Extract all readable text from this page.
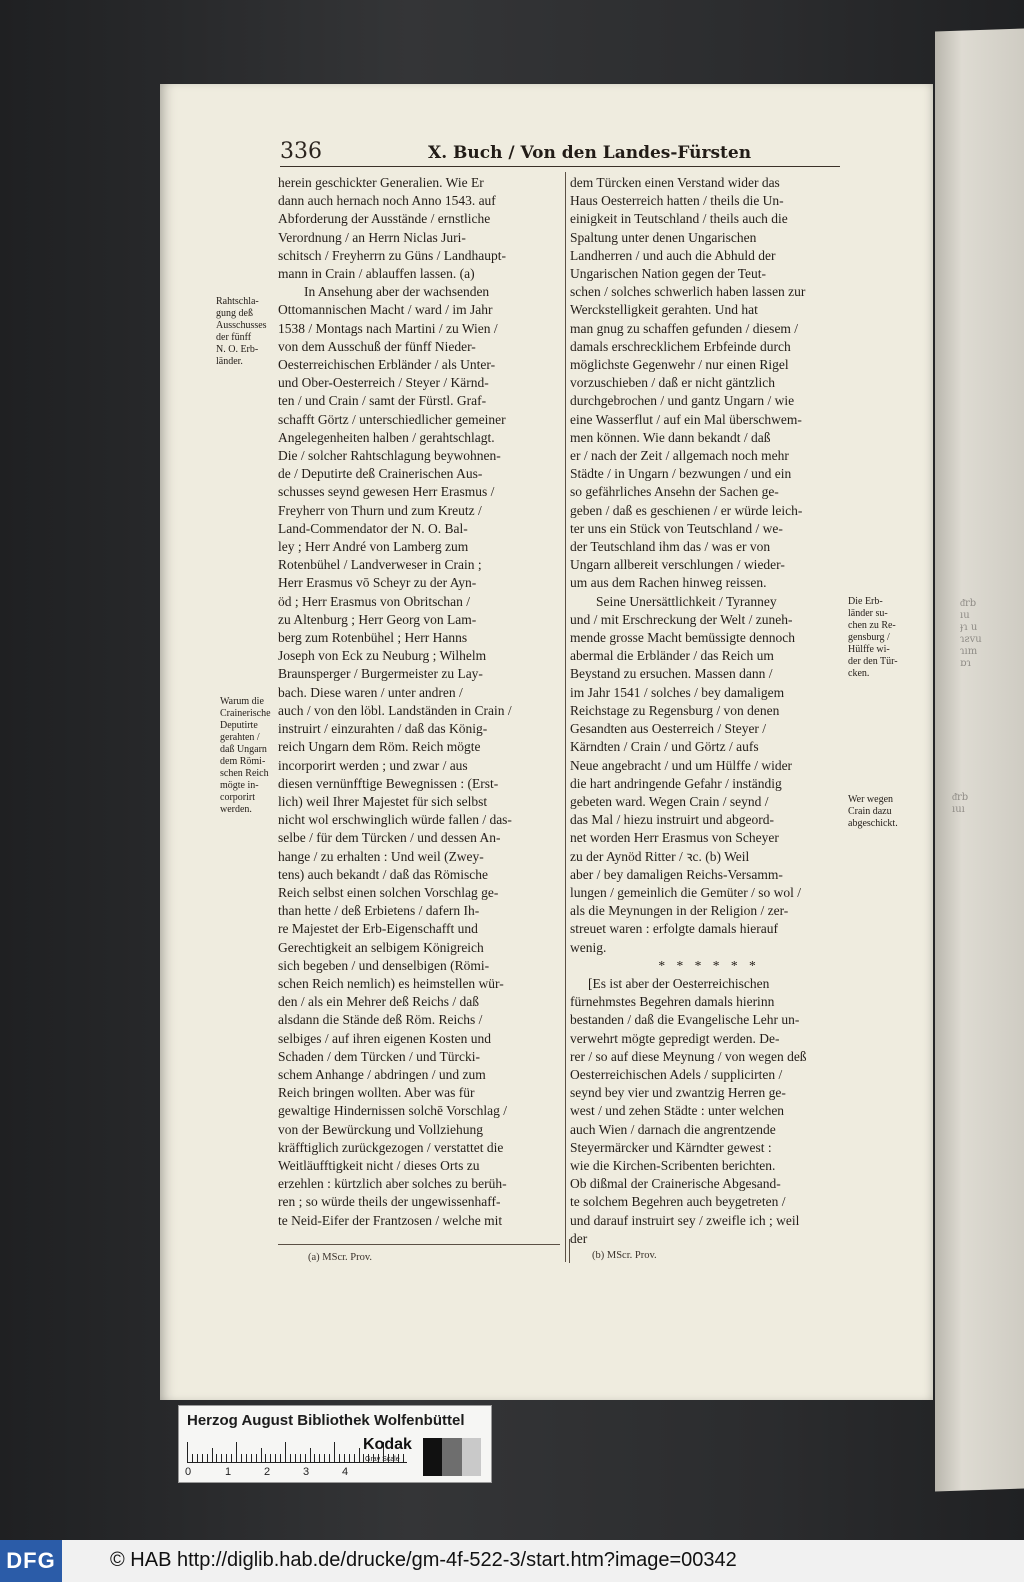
336	X. Buch / Von den Landes-Fürsten
herein geschickter Generalien. Wie Er
dann auch hernach noch Anno 1543. auf
Abforderung der Ausstände / ernstliche
Verordnung / an Herrn Niclas Juri-
schitsch / Freyherrn zu Güns / Landhaupt-
mann in Crain / ablauffen lassen. (a)
In Ansehung aber der wachsenden
Ottomannischen Macht / ward / im Jahr
1538 / Montags nach Martini / zu Wien /
von dem Ausschuß der fünff Nieder-
Oesterreichischen Erbländer / als Unter-
und Ober-Oesterreich / Steyer / Kärnd-
ten / und Crain / samt der Fürstl. Graf-
schafft Görtz / unterschiedlicher gemeiner
Angelegenheiten halben / gerahtschlagt.
Die / solcher Rahtschlagung beywohnen-
de / Deputirte deß Crainerischen Aus-
schusses seynd gewesen Herr Erasmus /
Freyherr von Thurn und zum Kreutz /
Land-Commendator der N. O. Bal-
ley ; Herr André von Lamberg zum
Rotenbühel / Landverweser in Crain ;
Herr Erasmus vō Scheyr zu der Ayn-
öd ; Herr Erasmus von Obritschan /
zu Altenburg ; Herr Georg von Lam-
berg zum Rotenbühel ; Herr Hanns
Joseph von Eck zu Neuburg ; Wilhelm
Braunsperger / Burgermeister zu Lay-
bach. Diese waren / unter andren /
auch / von den löbl. Landständen in Crain /
instruirt / einzurahten / daß das König-
reich Ungarn dem Röm. Reich mögte
incorporirt werden ; und zwar / aus
diesen vernünfftige Bewegnissen : (Erst-
lich) weil Ihrer Majestet für sich selbst
nicht wol erschwinglich würde fallen / das-
selbe / für dem Türcken / und dessen An-
hange / zu erhalten : Und weil (Zwey-
tens) auch bekandt / daß das Römische
Reich selbst einen solchen Vorschlag ge-
than hette / deß Erbietens / dafern Ih-
re Majestet der Erb-Eigenschafft und
Gerechtigkeit an selbigem Königreich
sich begeben / und denselbigen (Römi-
schen Reich nemlich) es heimstellen wür-
den / als ein Mehrer deß Reichs / daß
alsdann die Stände deß Röm. Reichs /
selbiges / auf ihren eigenen Kosten und
Schaden / dem Türcken / und Türcki-
schem Anhange / abdringen / und zum
Reich bringen wollten. Aber was für
gewaltige Hindernissen solchē Vorschlag /
von der Bewürckung und Vollziehung
kräfftiglich zurückgezogen / verstattet die
Weitläufftigkeit nicht / dieses Orts zu
erzehlen : kürtzlich aber solches zu berüh-
ren ; so würde theils der ungewissenhaff-
te Neid-Eifer der Frantzosen / welche mit
dem Türcken einen Verstand wider das
Haus Oesterreich hatten / theils die Un-
einigkeit in Teutschland / theils auch die
Spaltung unter denen Ungarischen
Landherren / und auch die Abhuld der
Ungarischen Nation gegen der Teut-
schen / solches schwerlich haben lassen zur
Werckstelligkeit gerahten. Und hat
man gnug zu schaffen gefunden / diesem /
damals erschrecklichem Erbfeinde durch
möglichste Gegenwehr / nur einen Rigel
vorzuschieben / daß er nicht gäntzlich
durchgebrochen / und gantz Ungarn / wie
eine Wasserflut / auf ein Mal überschwem-
men können. Wie dann bekandt / daß
er / nach der Zeit / allgemach noch mehr
Städte / in Ungarn / bezwungen / und ein
so gefährliches Ansehn der Sachen ge-
geben / daß es geschienen / er würde leich-
ter uns ein Stück von Teutschland / we-
der Teutschland ihm das / was er von
Ungarn allbereit verschlungen / wieder-
um aus dem Rachen hinweg reissen.
Seine Unersättlichkeit / Tyranney
und / mit Erschreckung der Welt / zuneh-
mende grosse Macht bemüssigte dennoch
abermal die Erbländer / das Reich um
Beystand zu ersuchen. Massen dann /
im Jahr 1541 / solches / bey damaligem
Reichstage zu Regensburg / von denen
Gesandten aus Oesterreich / Steyer /
Kärndten / Crain / und Görtz / aufs
Neue angebracht / und um Hülffe / wider
die hart andringende Gefahr / inständig
gebeten ward. Wegen Crain / seynd /
das Mal / hiezu instruirt und abgeord-
net worden Herr Erasmus von Scheyer
zu der Aynöd Ritter / ꝛc. (b) Weil
aber / bey damaligen Reichs-Versamm-
lungen / gemeinlich die Gemüter / so wol /
als die Meynungen in der Religion / zer-
streuet waren : erfolgte damals hierauf
wenig.
* * * * * *
[Es ist aber der Oesterreichischen
fürnehmstes Begehren damals hierinn
bestanden / daß die Evangelische Lehr un-
verwehrt mögte gepredigt werden. De-
rer / so auf diese Meynung / von wegen deß
Oesterreichischen Adels / supplicirten /
seynd bey vier und zwantzig Herren ge-
west / und zehen Städte : unter welchen
auch Wien / darnach die angrentzende
Steyermärcker und Kärndter gewest :
wie die Kirchen-Scribenten berichten.
Ob dißmal der Crainerische Abgesand-
te solchem Begehren auch beygetreten /
und darauf instruirt sey / zweifle ich ; weil
der
Rahtschla-
gung deß
Ausschusses
der fünff
N. O. Erb-
länder.
Warum die
Crainerische
Deputirte
gerahten /
daß Ungarn
dem Römi-
schen Reich
mögte in-
corporirt
werden.
Die Erb-
länder su-
chen zu Re-
gensburg /
Hülffe wi-
der den Tür-
cken.
Wer wegen
Crain dazu
abgeschickt.
(a) MScr. Prov.	(b) MScr. Prov.
ᵭrb
ıu
ɟɿ u
ɿƨvu
ɿım
ɒɿ
ᵭrb
ıuı
Herzog August Bibliothek Wolfenbüttel
0	1	2	3	4
Kodak
Gray Scale
DFG	© HAB http://diglib.hab.de/drucke/gm-4f-522-3/start.htm?image=00342
